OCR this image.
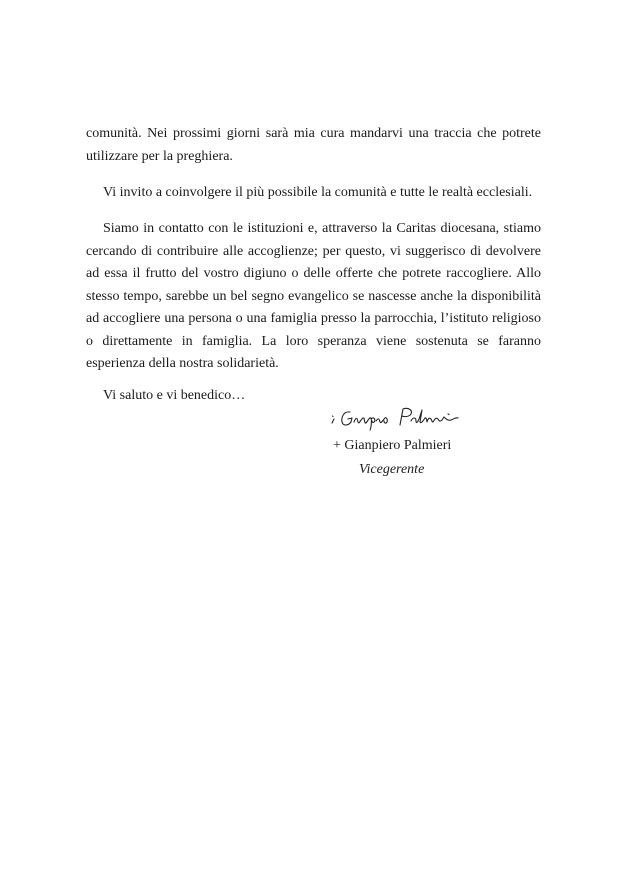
comunità. Nei prossimi giorni sarà mia cura mandarvi una traccia che potrete utilizzare per la preghiera.

Vi invito a coinvolgere il più possibile la comunità e tutte le realtà ecclesiali.

Siamo in contatto con le istituzioni e, attraverso la Caritas diocesana, stiamo cercando di contribuire alle accoglienze; per questo, vi suggerisco di devolvere ad essa il frutto del vostro digiuno o delle offerte che potrete raccogliere. Allo stesso tempo, sarebbe un bel segno evangelico se nascesse anche la disponibilità ad accogliere una persona o una famiglia presso la parrocchia, l’istituto religioso o direttamente in famiglia. La loro speranza viene sostenuta se faranno esperienza della nostra solidarietà.

Vi saluto e vi benedico…

+ Gianpiero Palmieri
Vicegerente
